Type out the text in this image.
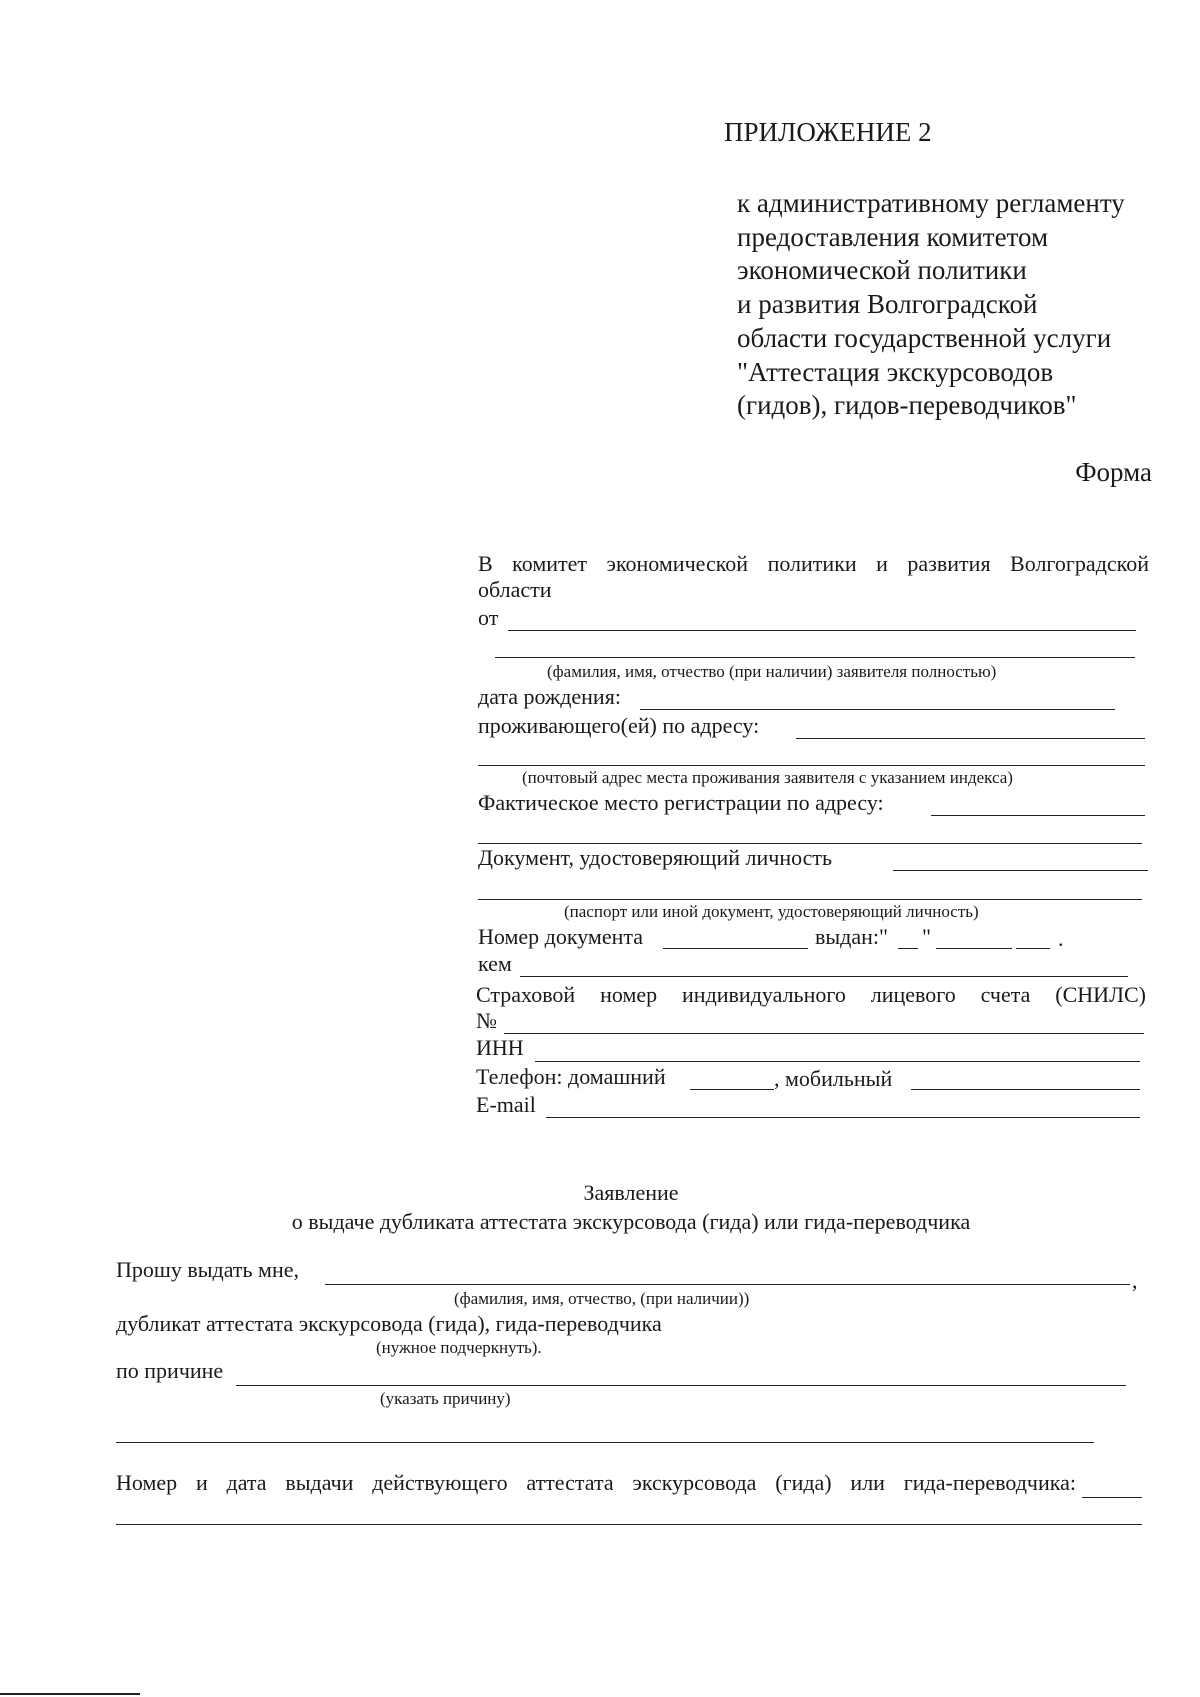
ПРИЛОЖЕНИЕ 2
к административному регламенту
предоставления комитетом
экономической политики
и развития Волгоградской
области государственной услуги
"Аттестация экскурсоводов
(гидов), гидов-переводчиков"
Форма
В комитет экономической политики и развития Волгоградской
области
от
(фамилия, имя, отчество (при наличии) заявителя полностью)
дата рождения:
проживающего(ей) по адресу:
(почтовый адрес места проживания заявителя с указанием индекса)
Фактическое место регистрации по адресу:
Документ, удостоверяющий личность
(паспорт или иной документ, удостоверяющий личность)
Номер документа	выдан:" "	.
кем
Страховой номер индивидуального лицевого счета (СНИЛС)
№
ИНН
Телефон: домашний	, мобильный
E-mail
Заявление
о выдаче дубликата аттестата экскурсовода (гида) или гида-переводчика
Прошу выдать мне,	,
(фамилия, имя, отчество, (при наличии))
дубликат аттестата экскурсовода (гида), гида-переводчика
(нужное подчеркнуть).
по причине
(указать причину)
Номер и дата выдачи действующего аттестата экскурсовода (гида) или гида-переводчика:
